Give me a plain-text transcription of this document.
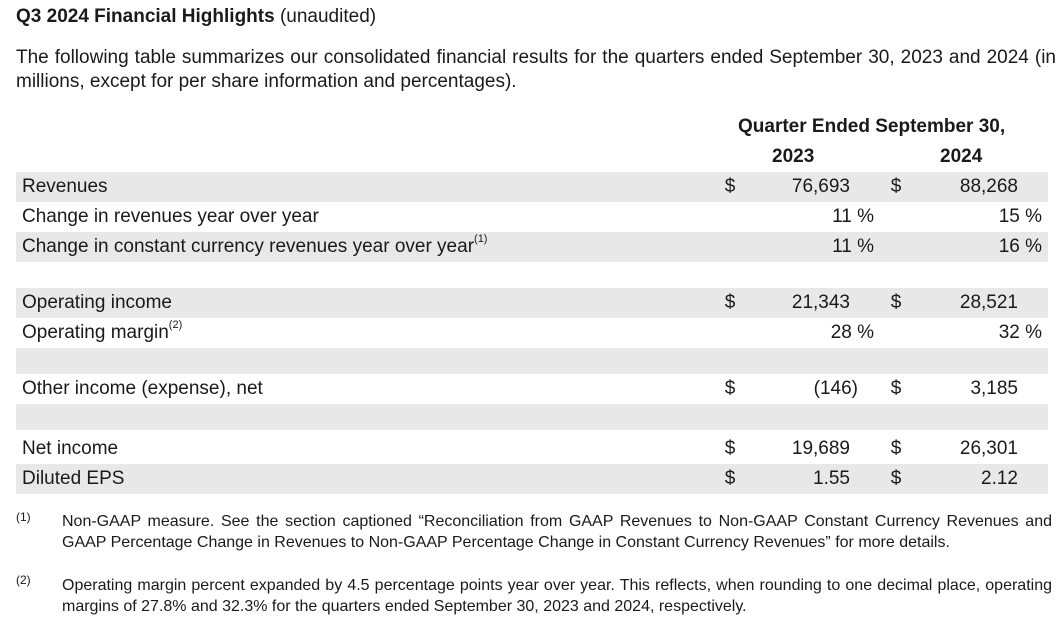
Q3 2024 Financial Highlights (unaudited)
The following table summarizes our consolidated financial results for the quarters ended September 30, 2023 and 2024 (in millions, except for per share information and percentages).
Quarter Ended September 30,
2023	2024
Revenues	$	76,693 $	88,268
Change in revenues year over year	11 %	15 %
Change in constant currency revenues year over year$^{(1)}$	11 %	16 %
Operating income	$	21,343 $	28,521
Operating margin$^{(2)}$	28 %	32 %
Other income (expense), net	$	(146) $	3,185
Net income	$	19,689 $	26,301
Diluted EPS	$	1.55 $	2.12
(1) Non-GAAP measure. See the section captioned “Reconciliation from GAAP Revenues to Non-GAAP Constant Currency Revenues and GAAP Percentage Change in Revenues to Non-GAAP Percentage Change in Constant Currency Revenues” for more details.
(2) Operating margin percent expanded by 4.5 percentage points year over year. This reflects, when rounding to one decimal place, operating margins of 27.8% and 32.3% for the quarters ended September 30, 2023 and 2024, respectively.
